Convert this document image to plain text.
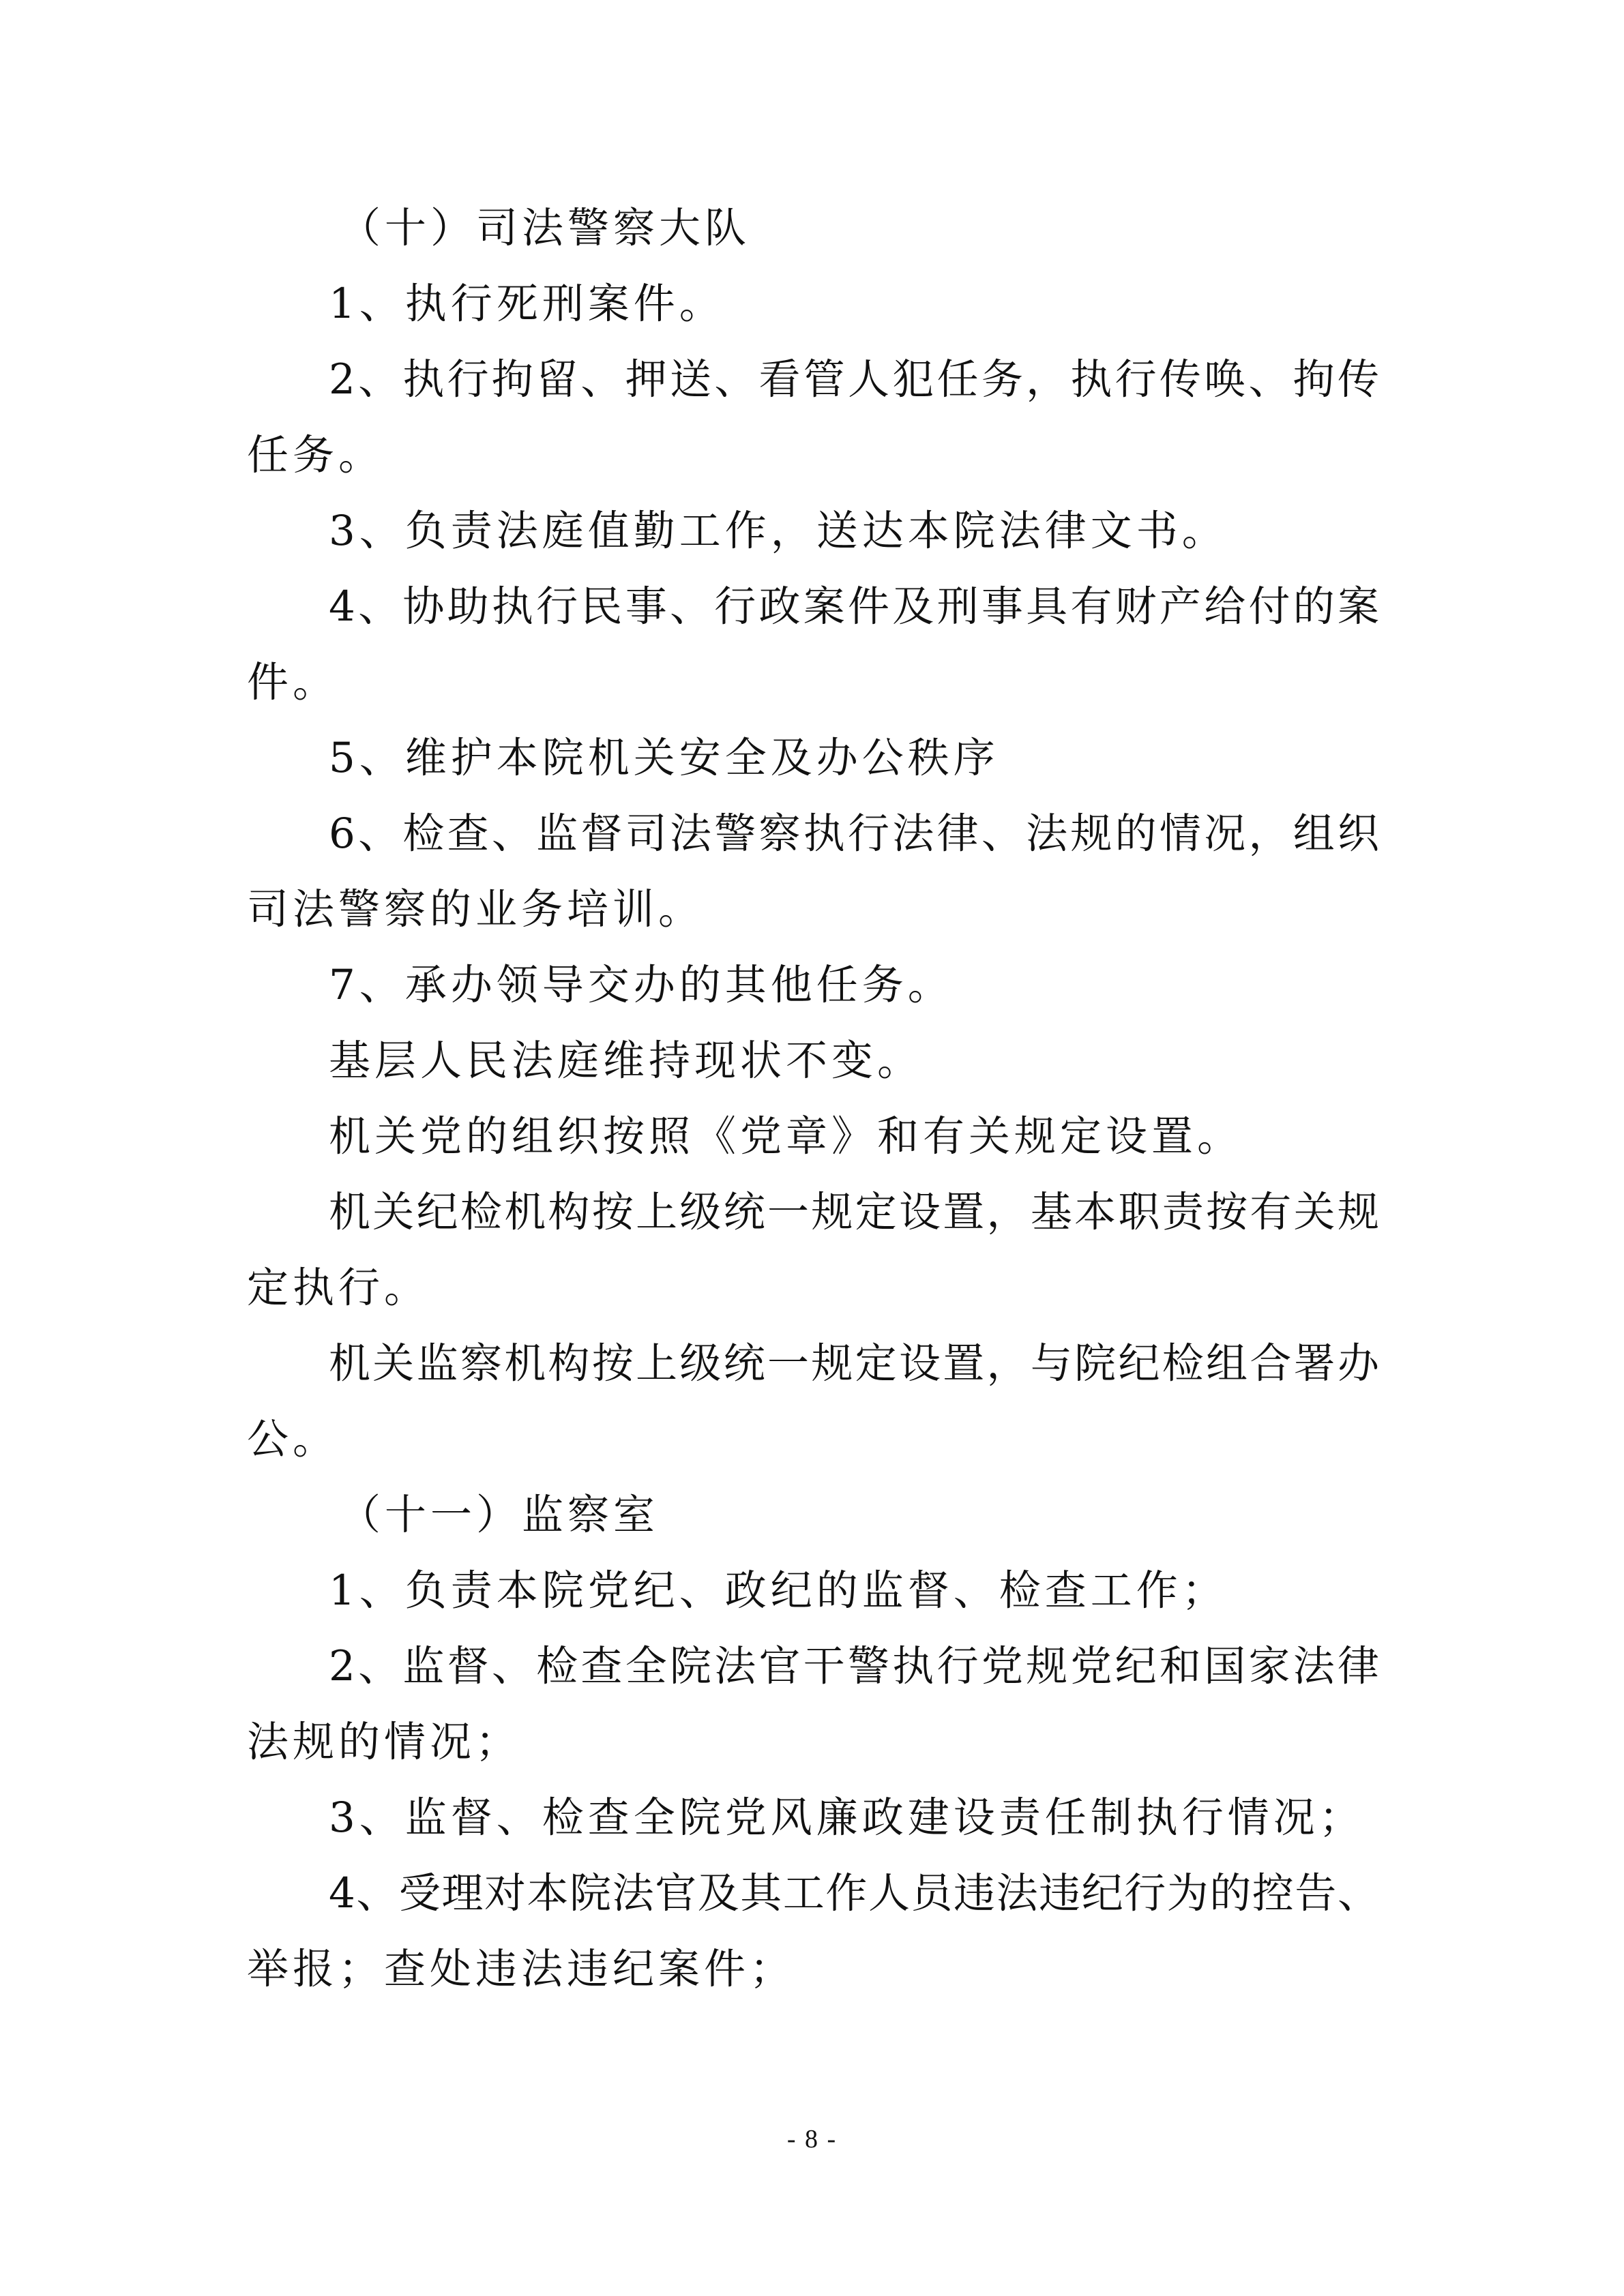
（十）司法警察大队
1、执行死刑案件。
2、执行拘留、押送、看管人犯任务，执行传唤、拘传
任务。
3、负责法庭值勤工作，送达本院法律文书。
4、协助执行民事、行政案件及刑事具有财产给付的案
件。
5、维护本院机关安全及办公秩序
6、检查、监督司法警察执行法律、法规的情况，组织
司法警察的业务培训。
7、承办领导交办的其他任务。
基层人民法庭维持现状不变。
机关党的组织按照《党章》和有关规定设置。
机关纪检机构按上级统一规定设置，基本职责按有关规
定执行。
机关监察机构按上级统一规定设置，与院纪检组合署办
公。
（十一）监察室
1、负责本院党纪、政纪的监督、检查工作；
2、监督、检查全院法官干警执行党规党纪和国家法律
法规的情况；
3、监督、检查全院党风廉政建设责任制执行情况；
4、受理对本院法官及其工作人员违法违纪行为的控告、
举报；查处违法违纪案件；
- 8 -
